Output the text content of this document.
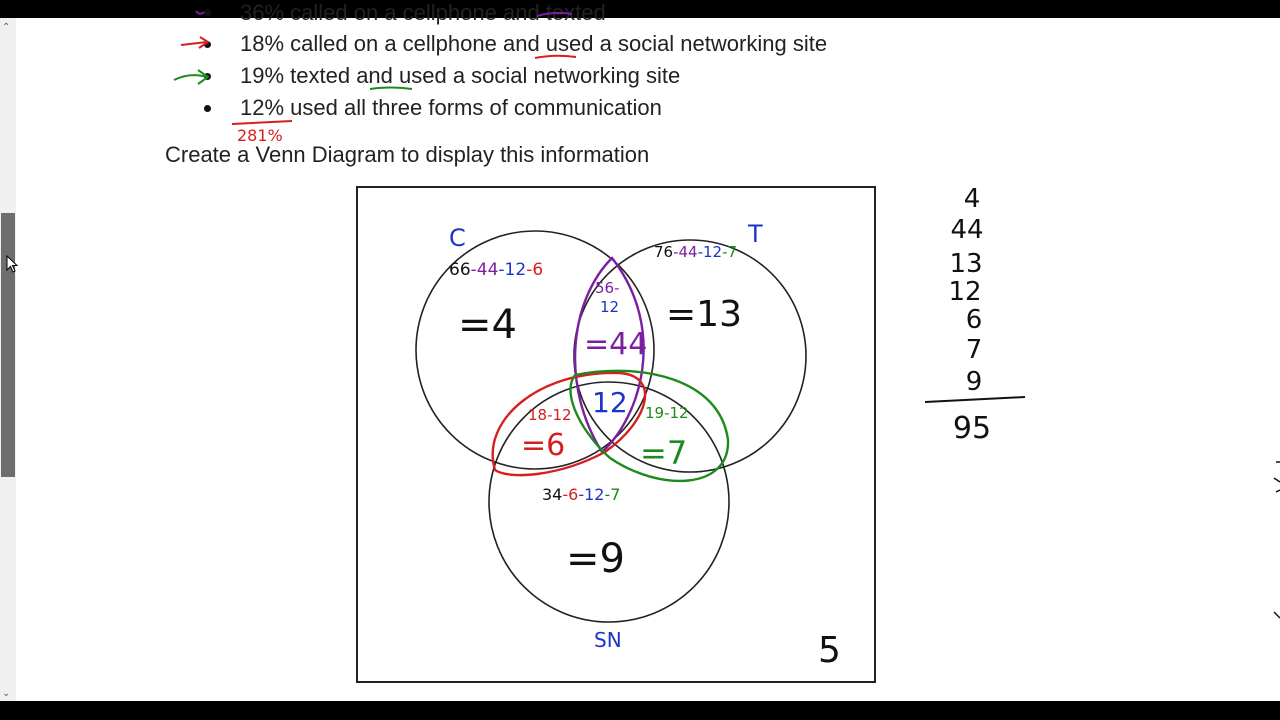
⌃
⌄
36% called on a cellphone and texted
18% called on a cellphone and used a social networking site
19% texted and used a social networking site
12% used all three forms of communication
Create a Venn Diagram to display this information
281%
C	T
SN
66-44-12-6
=4
76-44-12-7
=13
56-
12
=44
12
18-12
=6
19-12
=7
34-6-12-7
=9
5
4
44
13
12
6
7
9
95
